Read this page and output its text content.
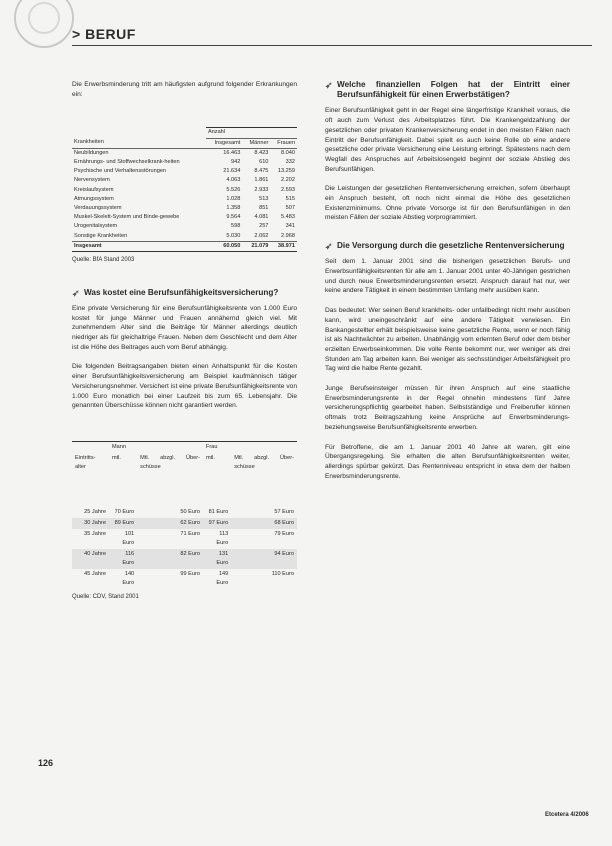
> BERUF

Die Erwerbsminderung tritt am häufigsten aufgrund folgender Erkrankungen ein:

	Anzahl		
Krankheiten	Insgesamt	Männer	Frauen
Neubildungen	16.463	8.423	8.040
Ernährungs- und Stoffwechselkrank-heiten	942	610	332
Psychische und Verhaltensstörungen	21.634	8.475	13.259
Nervensystem	4.063	1.861	2.202
Kreislaufsystem	5.526	2.933	2.593
Atmungssystem	1.028	513	515
Verdauungssystem	1.358	851	507
Muskel-Skelett-System und Binde-gewebe	9.564	4.081	5.483
Urogenitalsystem	598	257	341
Sonstige Krankheiten	5.030	2.062	2.968
Insgesamt	60.050	21.079	38.971
Quelle: BfA Stand 2003
➶ Was kostet eine Berufsunfähigkeitsversicherung?

Eine private Versicherung für eine Berufsunfähigkeitsrente von 1.000 Euro kostet für junge Männer und Frauen annähernd gleich viel. Mit zunehmendem Alter sind die Beiträge für Männer allerdings deutlich niedriger als für gleichaltrige Frauen. Neben dem Geschlecht und dem Alter ist die Höhe des Beitrages auch vom Beruf abhängig.

Die folgenden Beitragsangaben bieten einen Anhaltspunkt für die Kosten einer Berufsunfähigkeitsversicherung am Beispiel kaufmännisch tätiger Versicherungsnehmer. Versichert ist eine private Berufsunfähigkeitsrente von 1.000 Euro monatlich bei einer Laufzeit bis zum 65. Lebensjahr. Die genannten Überschüsse können nicht garantiert werden.

	Mann		Frau	
Eintritts-alter	mtl.	Mtl. abzgl. Über-schüsse	mtl.	Mtl. abzgl. Über-schüsse
25 Jahre	70 Euro	50 Euro	81 Euro	57 Euro
30 Jahre	89 Euro	62 Euro	97 Euro	68 Euro
35 Jahre	101 Euro	71 Euro	113 Euro	79 Euro
40 Jahre	116 Euro	82 Euro	131 Euro	94 Euro
45 Jahre	140 Euro	99 Euro	149 Euro	110 Euro
Quelle: CDV, Stand 2001
➶ Welche finanziellen Folgen hat der Eintritt einer Berufsunfähigkeit für einen Erwerbstätigen?

Einer Berufsunfähigkeit geht in der Regel eine längerfristige Krankheit voraus, die oft auch zum Verlust des Arbeitsplatzes führt. Die Krankengeldzahlung der gesetzlichen oder privaten Krankenversicherung endet in den meisten Fällen nach Eintritt der Berufsunfähigkeit. Dabei spielt es auch keine Rolle ob eine andere gesetzliche oder private Versicherung eine Leistung erbringt. Spätestens nach dem Wegfall des Anspruches auf Arbeitslosengeld beginnt der soziale Abstieg des Berufsunfähigen.

Die Leistungen der gesetzlichen Rentenversicherung erreichen, sofern überhaupt ein Anspruch besteht, oft noch nicht einmal die Höhe des gesetzlichen Existenzminimums. Ohne private Vorsorge ist für den Berufsunfähigen in den meisten Fällen der soziale Abstieg vorprogrammiert.

➶ Die Versorgung durch die gesetzliche Rentenversicherung

Seit dem 1. Januar 2001 sind die bisherigen gesetzlichen Berufs- und Erwerbsunfähigkeitsrenten für alle am 1. Januar 2001 unter 40-Jährigen gestrichen und durch neue Erwerbsminderungsrenten ersetzt. Anspruch darauf hat nur, wer keine andere Tätigkeit in einem bestimmten Umfang mehr ausüben kann.

Das bedeutet: Wer seinen Beruf krankheits- oder unfallbedingt nicht mehr ausüben kann, wird uneingeschränkt auf eine andere Tätigkeit verwiesen. Ein Bankangestellter erhält beispielsweise keine gesetzliche Rente, wenn er noch fähig ist als Nachtwächter zu arbeiten. Unabhängig vom erlernten Beruf oder dem bisher erzielten Erwerbseinkommen. Die volle Rente bekommt nur, wer weniger als drei Stunden am Tag arbeiten kann. Bei weniger als sechsstündiger Arbeitsfähigkeit pro Tag wird die halbe Rente gezahlt.

Junge Berufseinsteiger müssen für ihren Anspruch auf eine staatliche Erwerbsminderungsrente in der Regel ohnehin mindestens fünf Jahre versicherungspflichtig gearbeitet haben. Selbstständige und Freiberufler können oftmals trotz Beitragszahlung keine Ansprüche auf Erwerbsminderungs- beziehungsweise Berufsunfähigkeitsrente erwerben.

Für Betroffene, die am 1. Januar 2001 40 Jahre alt waren, gilt eine Übergangsregelung. Sie erhalten die alten Berufsunfähigkeitsrenten weiter, allerdings spürbar gekürzt. Das Rentenniveau entspricht in etwa dem der halben Erwerbsminderungsrente.

126
Etcetera 4/2006
